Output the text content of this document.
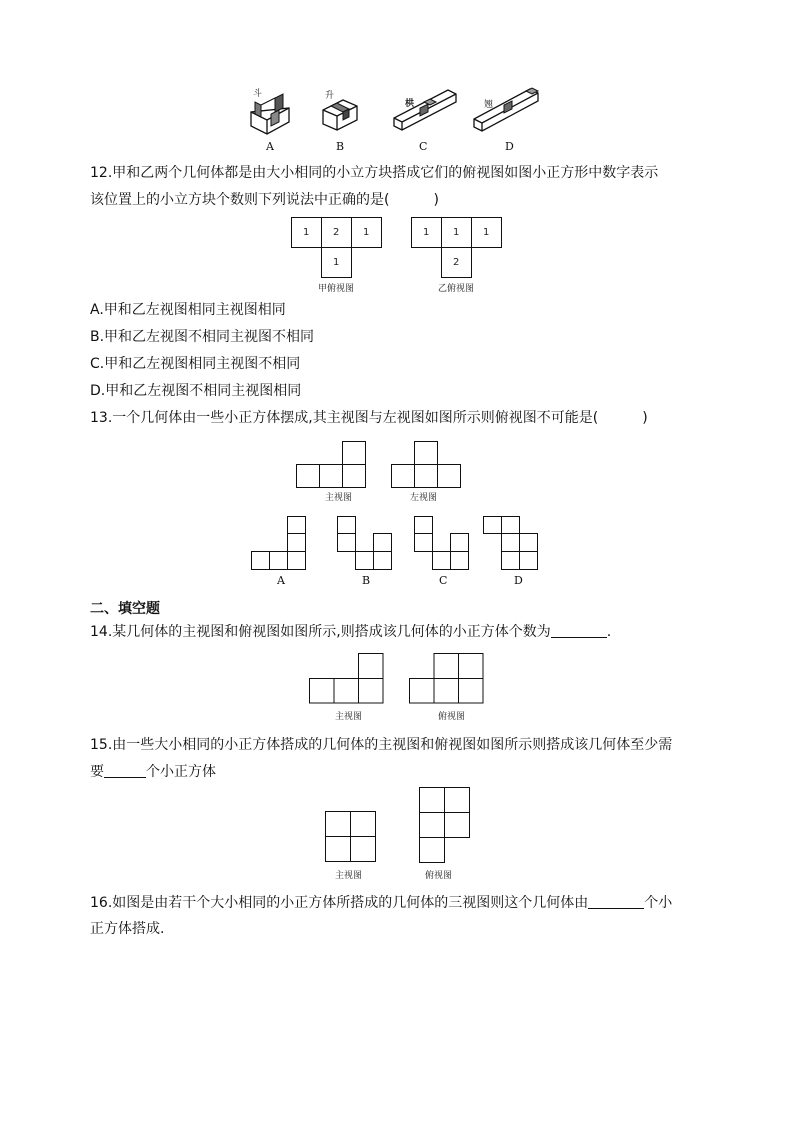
斗
A
升
B
栱
C
翘
D
12.甲和乙两个几何体都是由大小相同的小立方块搭成它们的俯视图如图小正方形中数字表示
该位置上的小立方块个数则下列说法中正确的是(	)
1 2 1
1
甲俯视图
1 1 1
2
乙俯视图
A.甲和乙左视图相同主视图相同
B.甲和乙左视图不相同主视图不相同
C.甲和乙左视图相同主视图不相同
D.甲和乙左视图不相同主视图相同
13.一个几何体由一些小正方体摆成,其主视图与左视图如图所示则俯视图不可能是(	)
主视图	左视图
A	B	C	D
二、填空题
14.某几何体的主视图和俯视图如图所示,则搭成该几何体的小正方体个数为	.
主视图	俯视图
15.由一些大小相同的小正方体搭成的几何体的主视图和俯视图如图所示则搭成该几何体至少需
要	个小正方体
主视图	俯视图
16.如图是由若干个大小相同的小正方体所搭成的几何体的三视图则这个几何体由	个小
正方体搭成.
